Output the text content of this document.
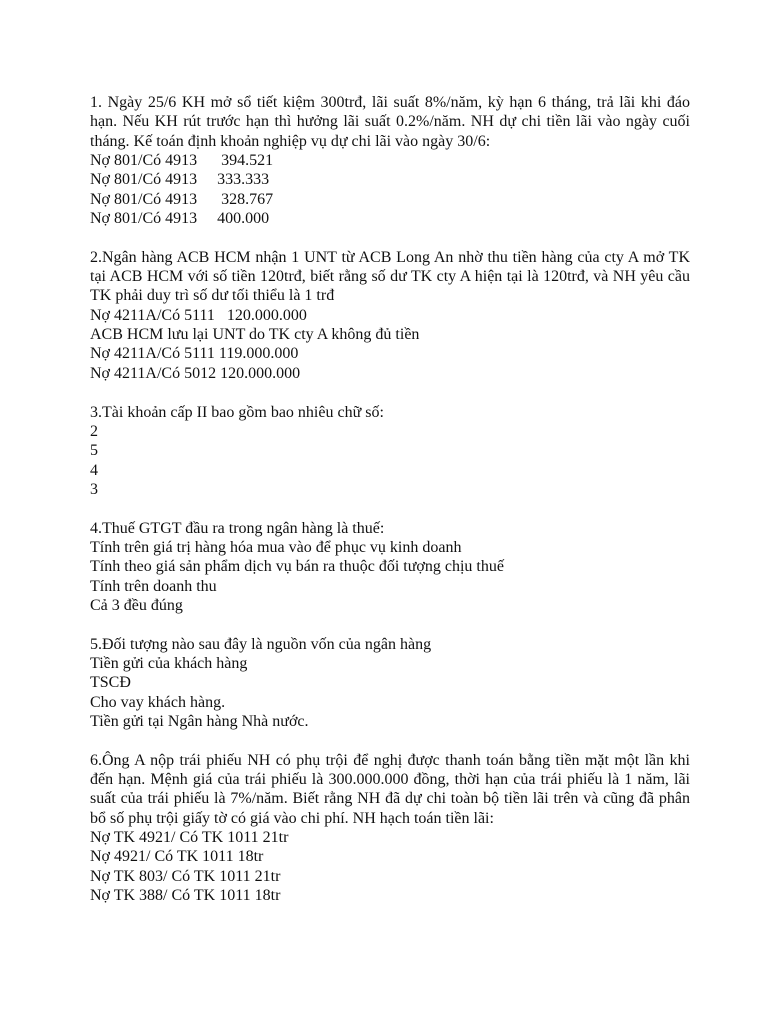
1. Ngày 25/6 KH mở sổ tiết kiệm 300trđ, lãi suất 8%/năm, kỳ hạn 6 tháng, trả lãi khi đáo hạn. Nếu KH rút trước hạn thì hưởng lãi suất 0.2%/năm. NH dự chi tiền lãi vào ngày cuối tháng. Kế toán định khoản nghiệp vụ dự chi lãi vào ngày 30/6:

Nợ 801/Có 4913      394.521
Nợ 801/Có 4913     333.333
Nợ 801/Có 4913      328.767
Nợ 801/Có 4913     400.000

2.Ngân hàng ACB HCM nhận 1 UNT từ ACB Long An nhờ thu tiền hàng của cty A mở TK tại ACB HCM với số tiền 120trđ, biết rằng số dư TK cty A hiện tại là 120trđ, và NH yêu cầu TK phải duy trì số dư tối thiểu là 1 trđ

Nợ 4211A/Có 5111   120.000.000
ACB HCM lưu lại UNT do TK cty A không đủ tiền
Nợ 4211A/Có 5111 119.000.000
Nợ 4211A/Có 5012 120.000.000

3.Tài khoản cấp II bao gồm bao nhiêu chữ số:

2
5
4
3

4.Thuế GTGT đầu ra trong ngân hàng là thuế:

Tính trên giá trị hàng hóa mua vào để phục vụ kinh doanh
Tính theo giá sản phẩm dịch vụ bán ra thuộc đối tượng chịu thuế
Tính trên doanh thu
Cả 3 đều đúng

5.Đối tượng nào sau đây là nguồn vốn của ngân hàng

Tiền gửi của khách hàng
TSCĐ
Cho vay khách hàng.
Tiền gửi tại Ngân hàng Nhà nước.

6.Ông A nộp trái phiếu NH có phụ trội để nghị được thanh toán bằng tiền mặt một lần khi đến hạn. Mệnh giá của trái phiếu là 300.000.000 đồng, thời hạn của trái phiếu là 1 năm, lãi suất của trái phiếu là 7%/năm. Biết rằng NH đã dự chi toàn bộ tiền lãi trên và cũng đã phân bổ số phụ trội giấy tờ có giá vào chi phí. NH hạch toán tiền lãi:

Nợ TK 4921/ Có TK 1011 21tr
Nợ 4921/ Có TK 1011 18tr
Nợ TK 803/ Có TK 1011 21tr
Nợ TK 388/ Có TK 1011 18tr
